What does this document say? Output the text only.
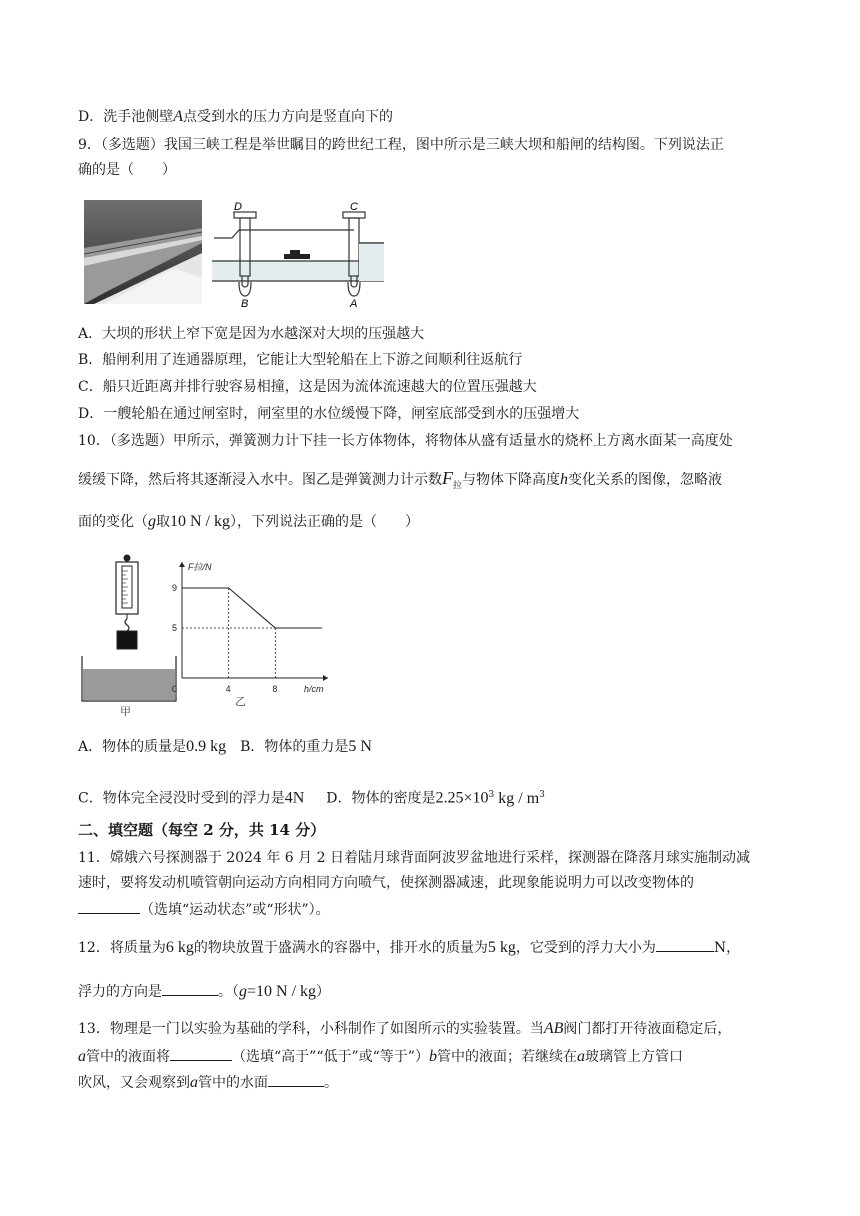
D．洗手池侧壁A点受到水的压力方向是竖直向下的
9．（多选题）我国三峡工程是举世瞩目的跨世纪工程，图中所示是三峡大坝和船闸的结构图。下列说法正
确的是（　　）
D	C
B	A
A．大坝的形状上窄下宽是因为水越深对大坝的压强越大
B．船闸利用了连通器原理，它能让大型轮船在上下游之间顺利往返航行
C．船只近距离并排行驶容易相撞，这是因为流体流速越大的位置压强越大
D．一艘轮船在通过闸室时，闸室里的水位缓慢下降，闸室底部受到水的压强增大
10．（多选题）甲所示，弹簧测力计下挂一长方体物体，将物体从盛有适量水的烧杯上方离水面某一高度处
缓缓下降，然后将其逐渐浸入水中。图乙是弹簧测力计示数$F_拉$与物体下降高度h变化关系的图像，忽略液
面的变化（g取10 N / kg），下列说法正确的是（　　）
甲
乙
F拉/N
h/cm
0	4	8
9
5
A．物体的质量是0.9 kg B．物体的重力是5 N
C．物体完全浸没时受到的浮力是4N D．物体的密度是$2.25\times 10^3$ kg / $m^3$
二、填空题（每空 2 分，共 14 分）
11．嫦娥六号探测器于 2024 年 6 月 2 日着陆月球背面阿波罗盆地进行采样，探测器在降落月球实施制动减
速时，要将发动机喷管朝向运动方向相同方向喷气，使探测器减速，此现象能说明力可以改变物体的
（选填“运动状态”或“形状”）。
12．将质量为6 kg的物块放置于盛满水的容器中，排开水的质量为5 kg，它受到的浮力大小为	N，
浮力的方向是	。（g=10 N / kg）
13．物理是一门以实验为基础的学科，小科制作了如图所示的实验装置。当AB阀门都打开待液面稳定后，
a管中的液面将	（选填“高于”“低于”或“等于”）b管中的液面；若继续在a玻璃管上方管口
吹风，又会观察到a管中的水面	。
